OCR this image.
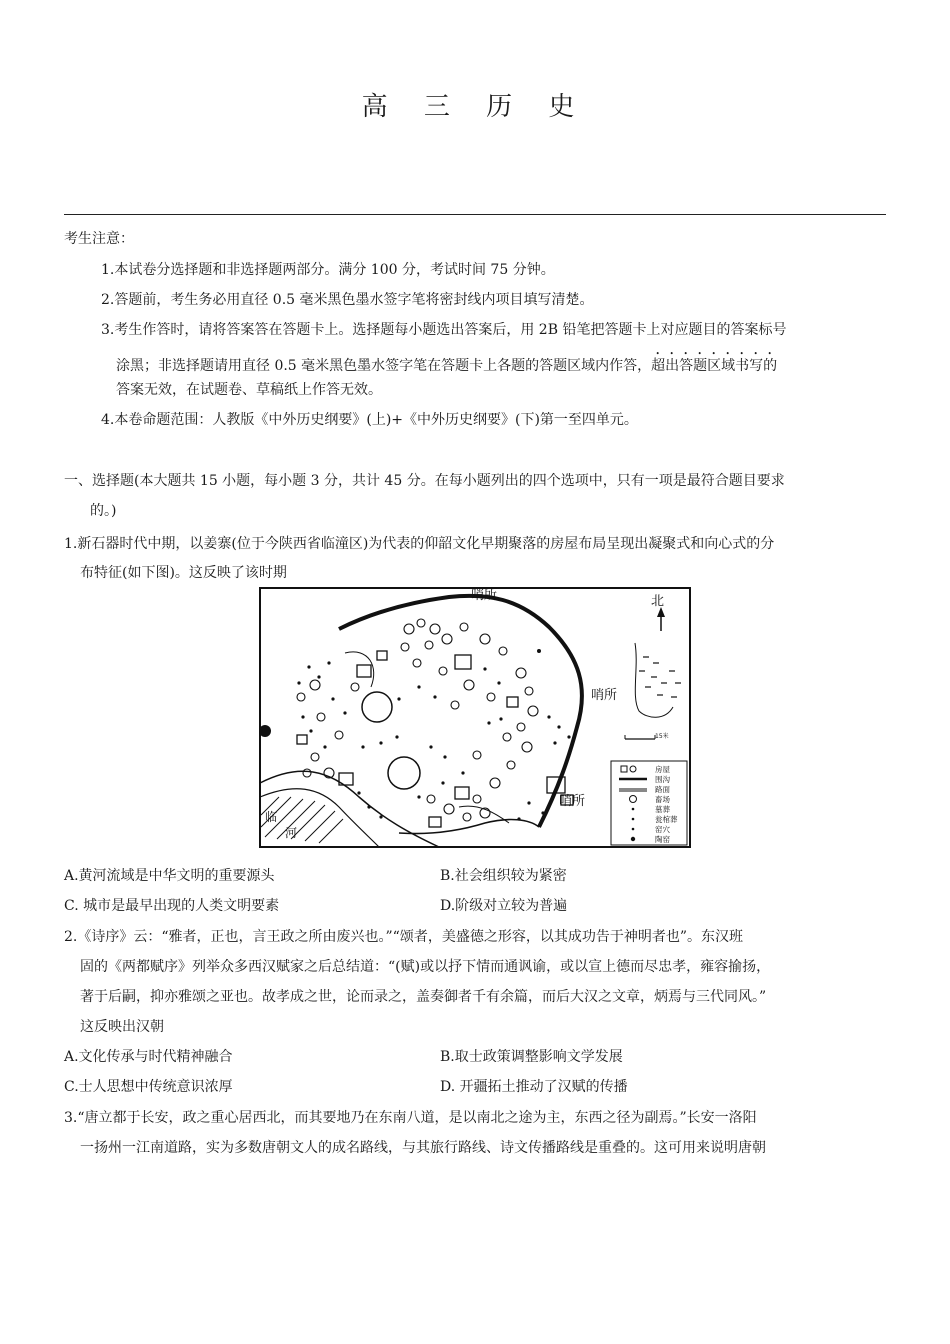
高 三 历 史
考生注意：
1.本试卷分选择题和非选择题两部分。满分 100 分，考试时间 75 分钟。
2.答题前，考生务必用直径 0.5 毫米黑色墨水签字笔将密封线内项目填写清楚。
3.考生作答时，请将答案答在答题卡上。选择题每小题选出答案后，用 2B 铅笔把答题卡上对应题目的答案标号
涂黑；非选择题请用直径 0.5 毫米黑色墨水签字笔在答题卡上各题的答题区域内作答，超出答题区域书写的
答案无效，在试题卷、草稿纸上作答无效。
4.本卷命题范围：人教版《中外历史纲要》(上)+《中外历史纲要》(下)第一至四单元。
一、选择题(本大题共 15 小题，每小题 3 分，共计 45 分。在每小题列出的四个选项中，只有一项是最符合题目要求
的。)
1.新石器时代中期，以姜寨(位于今陕西省临潼区)为代表的仰韶文化早期聚落的房屋布局呈现出凝聚式和向心式的分
布特征(如下图)。这反映了该时期
哨所
哨所
哨所
北
临
河
15米
房屋
围沟
路面
畜场
墓葬
瓮棺葬
窑穴
陶窑
A.黄河流域是中华文明的重要源头	B.社会组织较为紧密
C. 城市是最早出现的人类文明要素	D.阶级对立较为普遍
2.《诗序》云：“雅者，正也，言王政之所由废兴也。”“颂者，美盛德之形容，以其成功告于神明者也”。东汉班
固的《两都赋序》列举众多西汉赋家之后总结道：“(赋)或以抒下情而通讽谕，或以宣上德而尽忠孝，雍容揄扬，
著于后嗣，抑亦雅颂之亚也。故孝成之世，论而录之，盖奏御者千有余篇，而后大汉之文章，炳焉与三代同风。”
这反映出汉朝
A.文化传承与时代精神融合	B.取士政策调整影响文学发展
C.士人思想中传统意识浓厚	D. 开疆拓土推动了汉赋的传播
3.“唐立都于长安，政之重心居西北，而其要地乃在东南八道，是以南北之途为主，东西之径为副焉。”长安一洛阳
一扬州一江南道路，实为多数唐朝文人的成名路线，与其旅行路线、诗文传播路线是重叠的。这可用来说明唐朝
